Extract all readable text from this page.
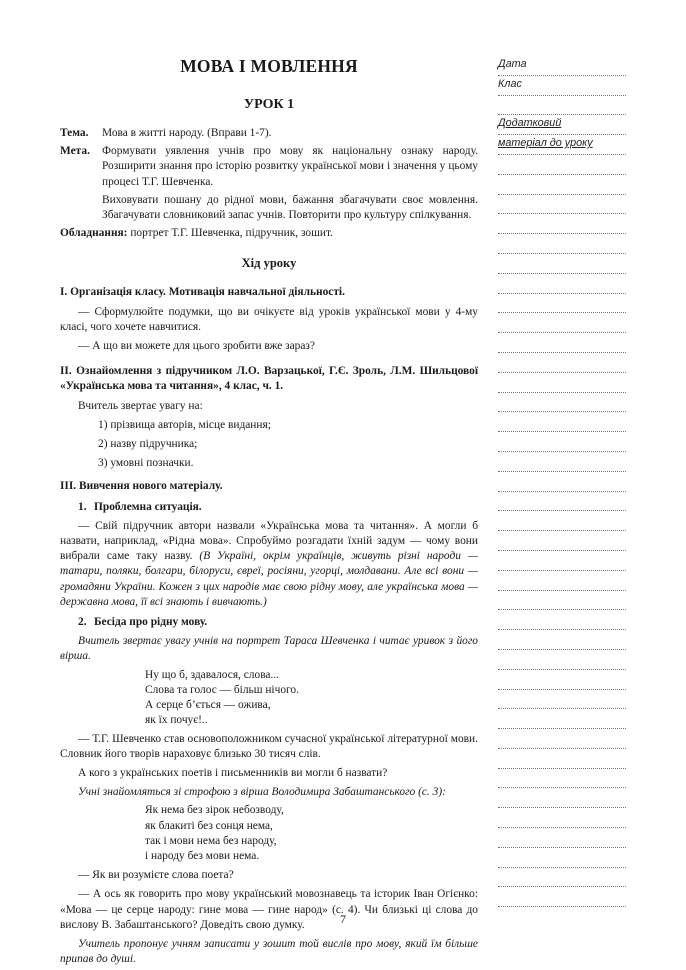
Дата
Клас
Додатковий
матеріал до уроку
МОВА І МОВЛЕННЯ
УРОК 1
Тема.	Мова в житті народу. (Вправи 1-7).
Мета.	Формувати уявлення учнів про мову як національну ознаку народу. Розширити знання про історію розвитку української мови і значення у цьому процесі Т.Г. Шевченка.

Виховувати пошану до рідної мови, бажання збагачувати своє мовлення. Збагачувати словниковий запас учнів. Повторити про культуру спілкування.

Обладнання: портрет Т.Г. Шевченка, підручник, зошит.

Хід уроку

І. Організація класу. Мотивація навчальної діяльності.

— Сформулюйте подумки, що ви очікуєте від уроків української мови у 4-му класі, чого хочете навчитися.

— А що ви можете для цього зробити вже зараз?

ІІ. Ознайомлення з підручником Л.О. Варзацької, Г.Є. Зроль, Л.М. Шильцової «Українська мова та читання», 4 клас, ч. 1.

Вчитель звертає увагу на:

1) прізвища авторів, місце видання;

2) назву підручника;

3) умовні позначки.

ІІІ. Вивчення нового матеріалу.

1. Проблемна ситуація.

— Свій підручник автори назвали «Українська мова та читання». А могли б назвати, наприклад, «Рідна мова». Спробуймо розгадати їхній задум — чому вони вибрали саме таку назву. (В Україні, окрім українців, живуть різні народи — татари, поляки, болгари, білоруси, євреї, росіяни, угорці, молдавани. Але всі вони — громадяни України. Кожен з цих народів має свою рідну мову, але українська мова — державна мова, її всі знають і вивчають.)

2. Бесіда про рідну мову.

Вчитель звертає увагу учнів на портрет Тараса Шевченка і читає уривок з його вірша.

Ну що б, здавалося, слова...

Слова та голос — більш нічого.

А серце б’ється — ожива,

як їх почує!..

— Т.Г. Шевченко став основоположником сучасної української літературної мови. Словник його творів нараховує близько 30 тисяч слів.

А кого з українських поетів і письменників ви могли б назвати?

Учні знайомляться зі строфою з вірша Володимира Забаштанського (с. 3):

Як нема без зірок небозводу,

як блакиті без сонця нема,

так і мови нема без народу,

і народу без мови нема.

— Як ви розумієте слова поета?

— А ось як говорить про мову український мовознавець та історик Іван Огієнко: «Мова — це серце народу: гине мова — гине народ» (с. 4). Чи близькі ці слова до вислову В. Забаштанського? Доведіть свою думку.

Учитель пропонує учням записати у зошит той вислів про мову, який їм більше припав до душі.

7
